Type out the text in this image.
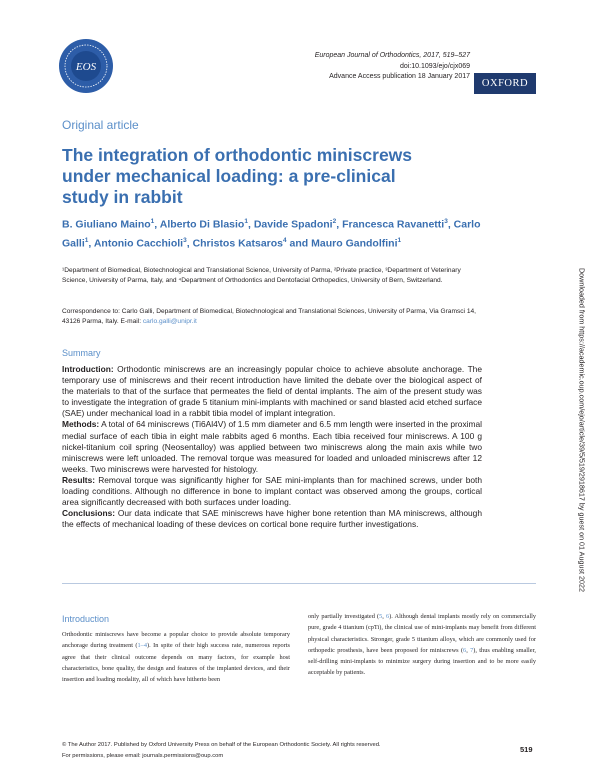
EOS
European Journal of Orthodontics, 2017, 519–527
doi:10.1093/ejo/cjx069
Advance Access publication 18 January 2017
OXFORD
Original article
The integration of orthodontic miniscrews under mechanical loading: a pre-clinical study in rabbit
B. Giuliano Maino$^1$, Alberto Di Blasio$^1$, Davide Spadoni$^2$, Francesca Ravanetti$^3$, Carlo Galli$^1$, Antonio Cacchioli$^3$, Christos Katsaros$^4$ and Mauro Gandolfini$^1$
¹Department of Biomedical, Biotechnological and Translational Science, University of Parma, ²Private practice, ³Department of Veterinary Science, University of Parma, Italy, and ⁴Department of Orthodontics and Dentofacial Orthopedics, University of Bern, Switzerland.
Correspondence to: Carlo Galli, Department of Biomedical, Biotechnological and Translational Sciences, University of Parma, Via Gramsci 14, 43126 Parma, Italy. E-mail: carlo.galli@unipr.it
Summary

Introduction: Orthodontic miniscrews are an increasingly popular choice to achieve absolute anchorage. The temporary use of miniscrews and their recent introduction have limited the debate over the biological aspect of the materials to that of the surface that permeates the field of dental implants. The aim of the present study was to investigate the integration of grade 5 titanium mini-implants with machined or sand blasted acid etched surface (SAE) under mechanical load in a rabbit tibia model of implant integration.

Methods: A total of 64 miniscrews (Ti6Al4V) of 1.5 mm diameter and 6.5 mm length were inserted in the proximal medial surface of each tibia in eight male rabbits aged 6 months. Each tibia received four miniscrews. A 100 g nickel-titanium coil spring (Neosentalloy) was applied between two miniscrews along the main axis while two miniscrews were left unloaded. The removal torque was measured for loaded and unloaded miniscrews after 12 weeks. Two miniscrews were harvested for histology.

Results: Removal torque was significantly higher for SAE mini-implants than for machined screws, under both loading conditions. Although no difference in bone to implant contact was observed among the groups, cortical area significantly decreased with both surfaces under loading.

Conclusions: Our data indicate that SAE miniscrews have higher bone retention than MA miniscrews, although the effects of mechanical loading of these devices on cortical bone require further investigations.

Introduction
Orthodontic miniscrews have become a popular choice to provide absolute temporary anchorage during treatment (1–4). In spite of their high success rate, numerous reports agree that their clinical outcome depends on many factors, for example host characteristics, bone quality, the design and features of the implanted devices, and their insertion and loading modality, all of which have hitherto been
only partially investigated (5, 6). Although dental implants mostly rely on commercially pure, grade 4 titanium (cpTi), the clinical use of mini-implants may benefit from different physical characteristics. Stronger, grade 5 titanium alloys, which are commonly used for orthopedic prosthesis, have been proposed for miniscrews (6, 7), thus enabling smaller, self-drilling mini-implants to minimize surgery during insertion and to be more easily acceptable by patients.
© The Author 2017. Published by Oxford University Press on behalf of the European Orthodontic Society. All rights reserved.
For permissions, please email: journals.permissions@oup.com
519
Downloaded from https://academic.oup.com/ejo/article/39/5/519/2918617 by guest on 01 August 2022
